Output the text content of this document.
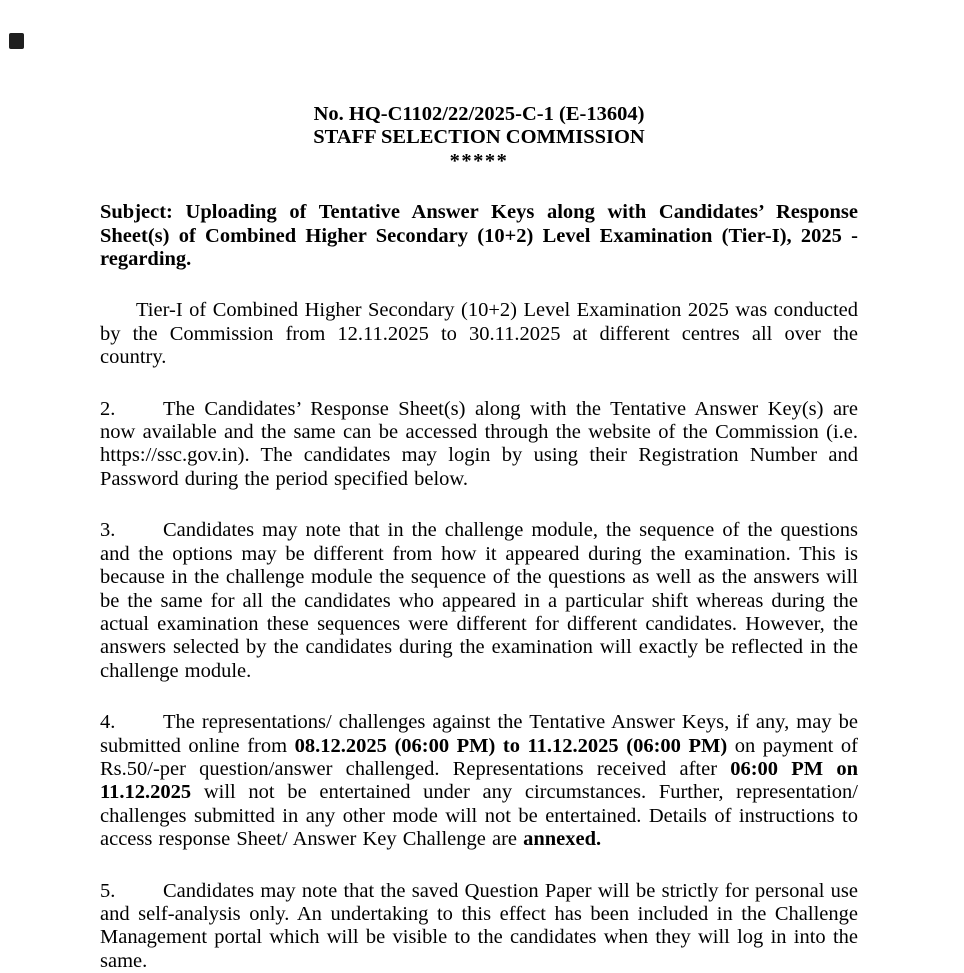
No. HQ-C1102/22/2025-C-1 (E-13604)
STAFF SELECTION COMMISSION
*****

Subject: Uploading of Tentative Answer Keys along with Candidates’ Response Sheet(s) of Combined Higher Secondary (10+2) Level Examination (Tier-I), 2025 - regarding.

Tier-I of Combined Higher Secondary (10+2) Level Examination 2025 was conducted by the Commission from 12.11.2025 to 30.11.2025 at different centres all over the country.

2. The Candidates’ Response Sheet(s) along with the Tentative Answer Key(s) are now available and the same can be accessed through the website of the Commission (i.e. https://ssc.gov.in). The candidates may login by using their Registration Number and Password during the period specified below.

3. Candidates may note that in the challenge module, the sequence of the questions and the options may be different from how it appeared during the examination. This is because in the challenge module the sequence of the questions as well as the answers will be the same for all the candidates who appeared in a particular shift whereas during the actual examination these sequences were different for different candidates. However, the answers selected by the candidates during the examination will exactly be reflected in the challenge module.

4. The representations/ challenges against the Tentative Answer Keys, if any, may be submitted online from 08.12.2025 (06:00 PM) to 11.12.2025 (06:00 PM) on payment of Rs.50/-per question/answer challenged. Representations received after 06:00 PM on 11.12.2025 will not be entertained under any circumstances. Further, representation/ challenges submitted in any other mode will not be entertained. Details of instructions to access response Sheet/ Answer Key Challenge are annexed.

5. Candidates may note that the saved Question Paper will be strictly for personal use and self-analysis only. An undertaking to this effect has been included in the Challenge Management portal which will be visible to the candidates when they will log in into the same.
